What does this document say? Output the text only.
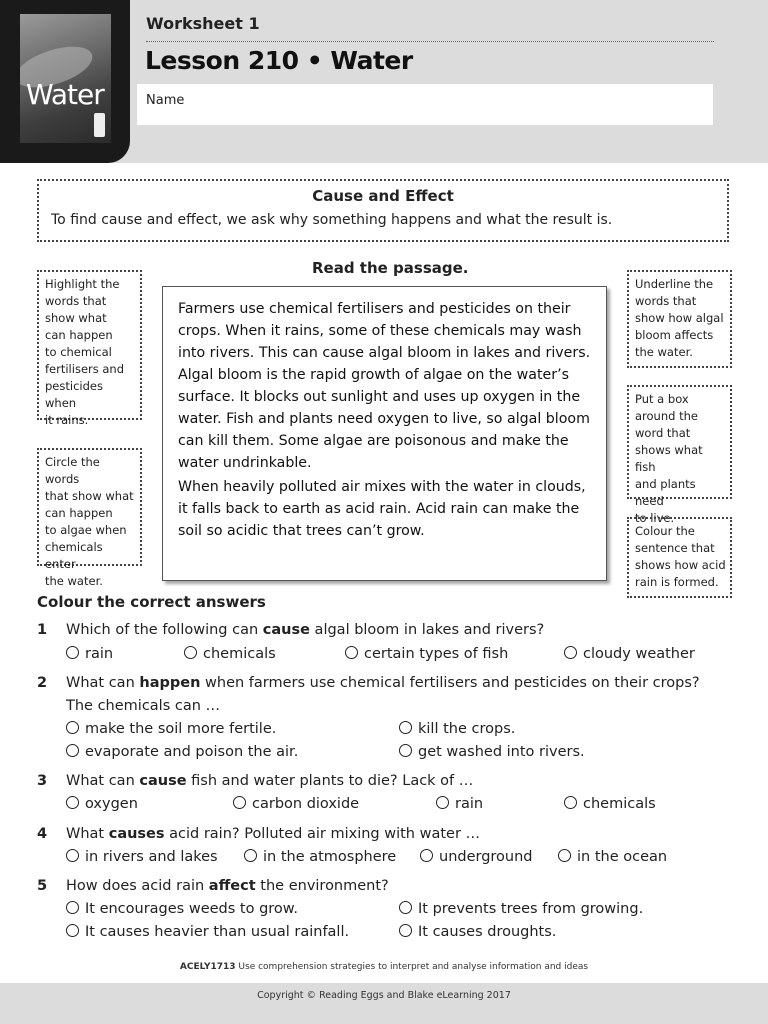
Water
Worksheet 1
Lesson 210 • Water
Name
Cause and Effect
To find cause and effect, we ask why something happens and what the result is.
Read the passage.

Highlight the
words that
show what
can happen
to chemical
fertilisers and
pesticides when
it rains.

Circle the words
that show what
can happen
to algae when
chemicals enter
the water.

Underline the
words that
show how algal
bloom affects
the water.

Put a box
around the
word that
shows what fish
and plants need
to live.

Colour the
sentence that
shows how acid
rain is formed.

Farmers use chemical fertilisers and pesticides on their crops. When it rains, some of these chemicals may wash into rivers. This can cause algal bloom in lakes and rivers. Algal bloom is the rapid growth of algae on the water’s surface. It blocks out sunlight and uses up oxygen in the water. Fish and plants need oxygen to live, so algal bloom can kill them. Some algae are poisonous and make the water undrinkable.

When heavily polluted air mixes with the water in clouds, it falls back to earth as acid rain. Acid rain can make the soil so acidic that trees can’t grow.

Colour the correct answers
1 Which of the following can cause algal bloom in lakes and rivers?
rain	chemicals	certain types of fish	cloudy weather
2 What can happen when farmers use chemical fertilisers and pesticides on their crops?
The chemicals can …
make the soil more fertile.	kill the crops.
evaporate and poison the air.	get washed into rivers.
3 What can cause fish and water plants to die? Lack of …
oxygen	carbon dioxide	rain	chemicals
4 What causes acid rain? Polluted air mixing with water …
in rivers and lakes	in the atmosphere	underground	in the ocean
5 How does acid rain affect the environment?
It encourages weeds to grow.	It prevents trees from growing.
It causes heavier than usual rainfall.	It causes droughts.
ACELY1713 Use comprehension strategies to interpret and analyse information and ideas
Copyright © Reading Eggs and Blake eLearning 2017
